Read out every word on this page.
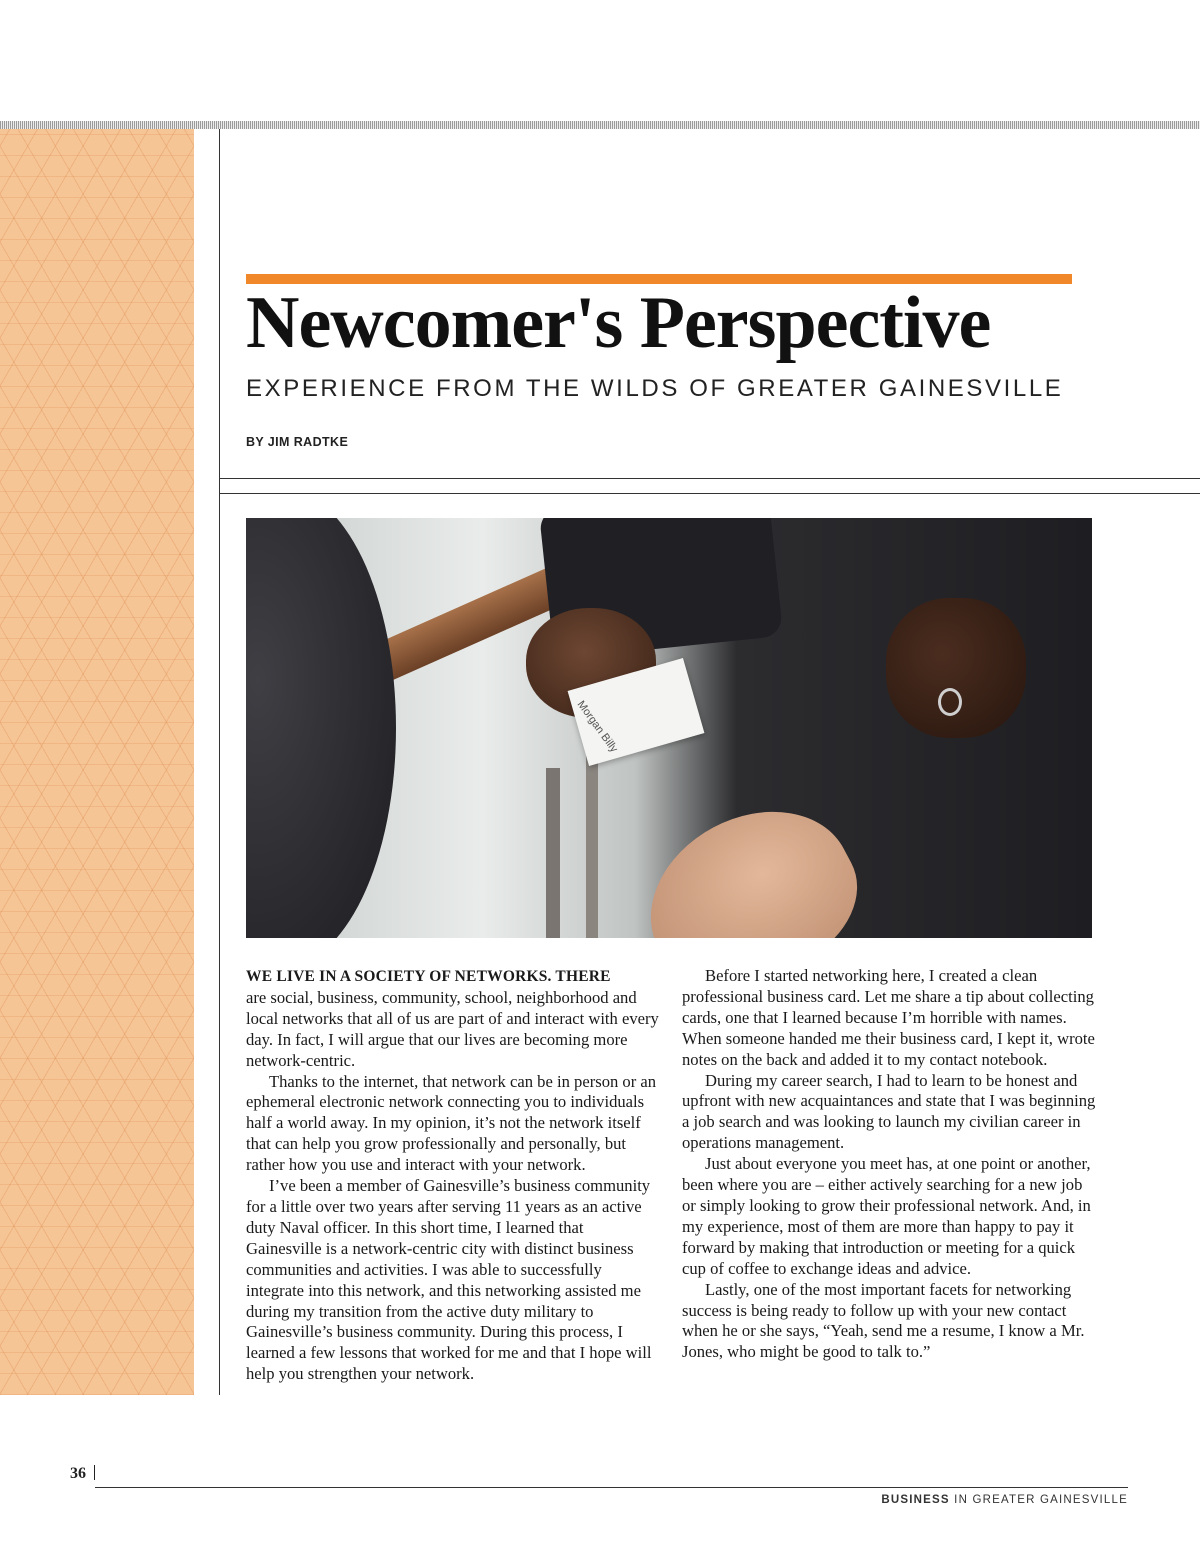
Newcomer's Perspective
EXPERIENCE FROM THE WILDS OF GREATER GAINESVILLE
BY JIM RADTKE
Morgan Billy

WE LIVE IN A SOCIETY OF NETWORKS. THERE
are social, business, community, school, neighborhood and local networks that all of us are part of and interact with every day. In fact, I will argue that our lives are becoming more network-centric.

Thanks to the internet, that network can be in person or an ephemeral electronic network connecting you to individuals half a world away. In my opinion, it’s not the network itself that can help you grow professionally and personally, but rather how you use and interact with your network.

I’ve been a member of Gainesville’s business community for a little over two years after serving 11 years as an active duty Naval officer. In this short time, I learned that Gainesville is a network-centric city with distinct business communities and activities. I was able to successfully integrate into this network, and this networking assisted me during my transition from the active duty military to Gainesville’s business community. During this process, I learned a few lessons that worked for me and that I hope will help you strengthen your network.

Before I started networking here, I created a clean professional business card. Let me share a tip about collecting cards, one that I learned because I’m horrible with names. When someone handed me their business card, I kept it, wrote notes on the back and added it to my contact notebook.

During my career search, I had to learn to be honest and upfront with new acquaintances and state that I was beginning a job search and was looking to launch my civilian career in operations management.

Just about everyone you meet has, at one point or another, been where you are – either actively searching for a new job or simply looking to grow their professional network. And, in my experience, most of them are more than happy to pay it forward by making that introduction or meeting for a quick cup of coffee to exchange ideas and advice.

Lastly, one of the most important facets for networking success is being ready to follow up with your new contact when he or she says, “Yeah, send me a resume, I know a Mr. Jones, who might be good to talk to.”

36
BUSINESS IN GREATER GAINESVILLE
